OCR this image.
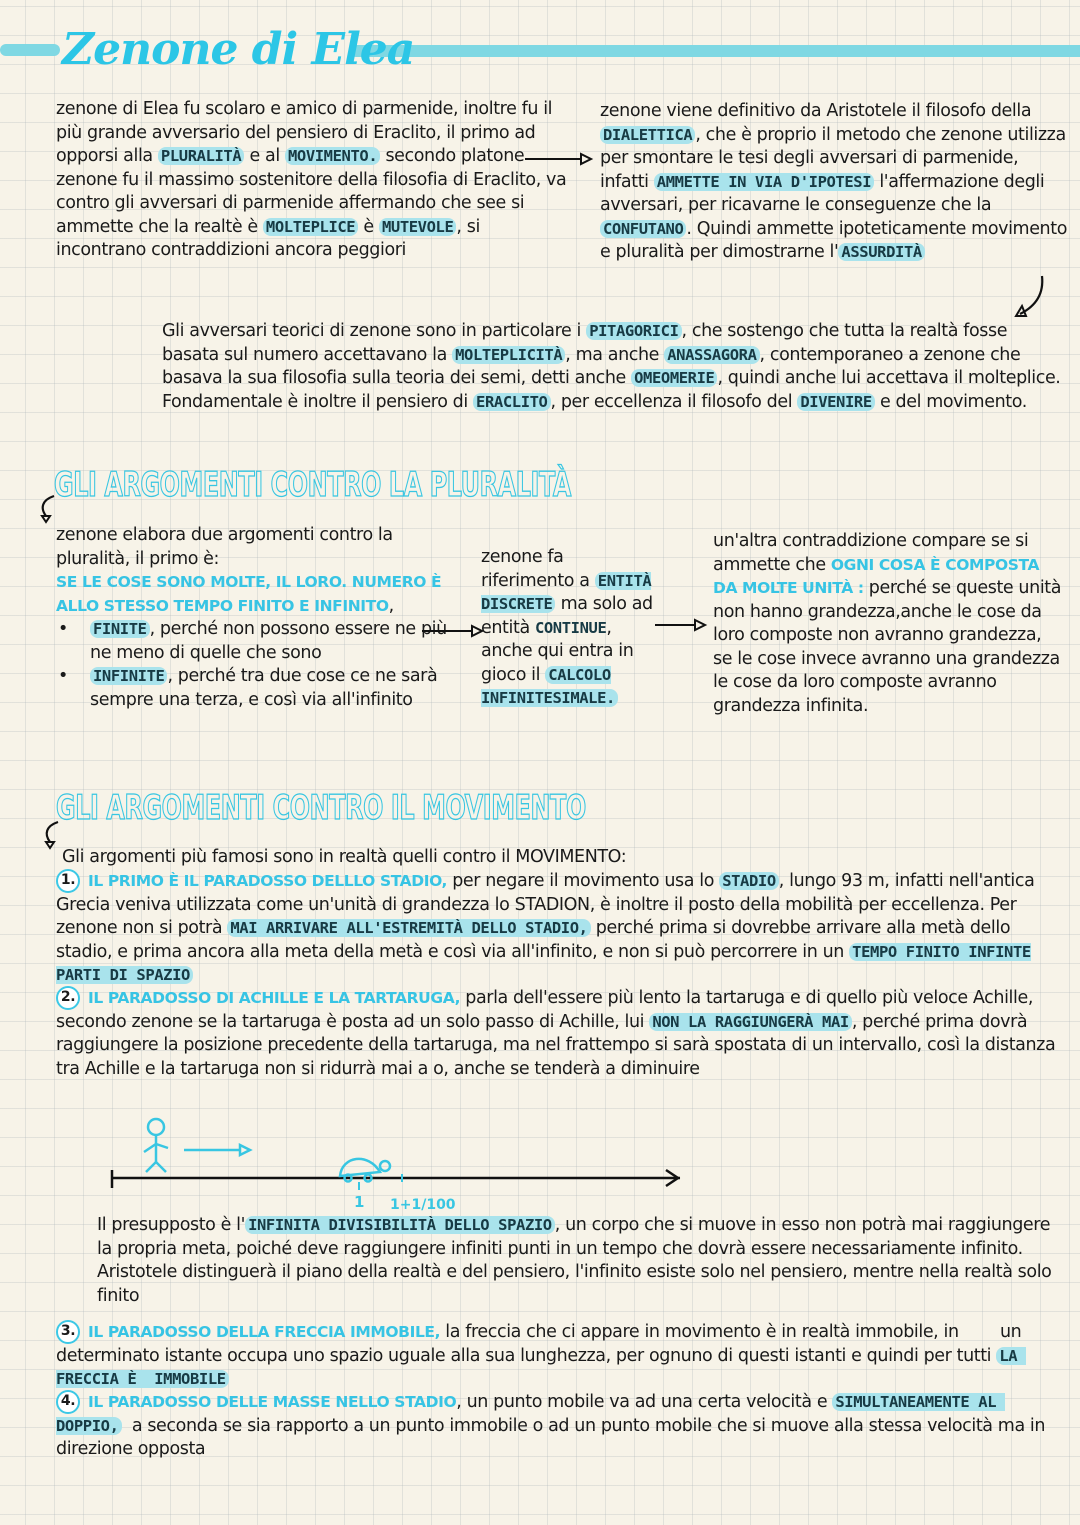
Zenone di Elea
zenone di Elea fu scolaro e amico di parmenide, inoltre fu il più grande avversario del pensiero di Eraclito, il primo ad opporsi alla PLURALITÀ e al MOVIMENTO. secondo platone zenone fu il massimo sostenitore della filosofia di Eraclito, va contro gli avversari di parmenide affermando che see si ammette che la realtè è MOLTEPLICE è MUTEVOLE , si incontrano contraddizioni ancora peggiori
zenone viene definitivo da Aristotele il filosofo della DIALETTICA , che è proprio il metodo che zenone utilizza per smontare le tesi degli avversari di parmenide, infatti AMMETTE IN VIA D'IPOTESI l'affermazione degli avversari, per ricavarne le conseguenze che la CONFUTANO . Quindi ammette ipoteticamente movimento e pluralità per dimostrarne l' ASSURDITÀ
Gli avversari teorici di zenone sono in particolare i PITAGORICI , che sostengo che tutta la realtà fosse basata sul numero accettavano la MOLTEPLICITÀ , ma anche ANASSAGORA , contemporaneo a zenone che basava la sua filosofia sulla teoria dei semi, detti anche OMEOMERIE , quindi anche lui accettava il molteplice. Fondamentale è inoltre il pensiero di ERACLITO , per eccellenza il filosofo del DIVENIRE e del movimento.
GLI ARGOMENTI CONTRO LA PLURALITÀ
zenone elabora due argomenti contro la pluralità, il primo è:
SE LE COSE SONO MOLTE, IL LORO. NUMERO È ALLO STESSO TEMPO FINITO E INFINITO,
• FINITE , perché non possono essere ne più ne meno di quelle che sono
• INFINITE , perché tra due cose ce ne sarà sempre una terza, e così via all'infinito
zenone fa riferimento a ENTITÀ DISCRETE ma solo ad entità CONTINUE, anche qui entra in gioco il CALCOLO INFINITESIMALE.
un'altra contraddizione compare se si ammette che OGNI COSA È COMPOSTA DA MOLTE UNITÀ : perché se queste unità non hanno grandezza,anche le cose da loro composte non avranno grandezza, se le cose invece avranno una grandezza le cose da loro composte avranno grandezza infinita.
GLI ARGOMENTI CONTRO IL MOVIMENTO
Gli argomenti più famosi sono in realtà quelli contro il MOVIMENTO:
1. IL PRIMO È IL PARADOSSO DELLLO STADIO, per negare il movimento usa lo STADIO , lungo 93 m, infatti nell'antica Grecia veniva utilizzata come un'unità di grandezza lo STADION, è inoltre il posto della mobilità per eccellenza. Per zenone non si potrà MAI ARRIVARE ALL'ESTREMITÀ DELLO STADIO, perché prima si dovrebbe arrivare alla metà dello stadio, e prima ancora alla meta della metà e così via all'infinito, e non si può percorrere in un TEMPO FINITO INFINTE PARTI DI SPAZIO
2. IL PARADOSSO DI ACHILLE E LA TARTARUGA, parla dell'essere più lento la tartaruga e di quello più veloce Achille, secondo zenone se la tartaruga è posta ad un solo passo di Achille, lui NON LA RAGGIUNGERÀ MAI , perché prima dovrà raggiungere la posizione precedente della tartaruga, ma nel frattempo si sarà spostata di un intervallo, così la distanza tra Achille e la tartaruga non si ridurrà mai a o, anche se tenderà a diminuire
1 1+1/100
Il presupposto è l' INFINITA DIVISIBILITÀ DELLO SPAZIO , un corpo che si muove in esso non potrà mai raggiungere la propria meta, poiché deve raggiungere infiniti punti in un tempo che dovrà essere necessariamente infinito. Aristotele distinguerà il piano della realtà e del pensiero, l'infinito esiste solo nel pensiero, mentre nella realtà solo finito
3. IL PARADOSSO DELLA FRECCIA IMMOBILE, la freccia che ci appare in movimento è in realtà immobile, in        un determinato istante occupa uno spazio uguale alla sua lunghezza, per ognuno di questi istanti e quindi per tutti LA FRECCIA È  IMMOBILE
4. IL PARADOSSO DELLE MASSE NELLO STADIO, un punto mobile va ad una certa velocità e SIMULTANEAMENTE AL DOPPIO,  a seconda se sia rapporto a un punto immobile o ad un punto mobile che si muove alla stessa velocità ma in direzione opposta
